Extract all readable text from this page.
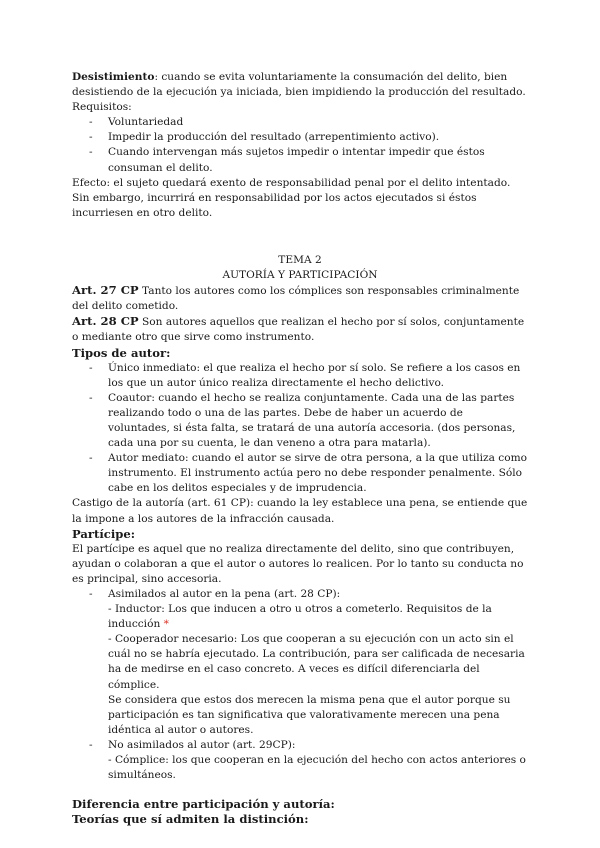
Desistimiento: cuando se evita voluntariamente la consumación del delito, bien desistiendo de la ejecución ya iniciada, bien impidiendo la producción del resultado.

Requisitos:

- Voluntariedad
- Impedir la producción del resultado (arrepentimiento activo).
- Cuando intervengan más sujetos impedir o intentar impedir que éstos consuman el delito.

Efecto: el sujeto quedará exento de responsabilidad penal por el delito intentado. Sin embargo, incurrirá en responsabilidad por los actos ejecutados si éstos incurriesen en otro delito.

TEMA 2

AUTORÍA Y PARTICIPACIÓN

Art. 27 CP Tanto los autores como los cómplices son responsables criminalmente del delito cometido.

Art. 28 CP Son autores aquellos que realizan el hecho por sí solos, conjuntamente o mediante otro que sirve como instrumento.

Tipos de autor:

- Único inmediato: el que realiza el hecho por sí solo. Se refiere a los casos en los que un autor único realiza directamente el hecho delictivo.
- Coautor: cuando el hecho se realiza conjuntamente. Cada una de las partes realizando todo o una de las partes. Debe de haber un acuerdo de voluntades, si ésta falta, se tratará de una autoría accesoria. (dos personas, cada una por su cuenta, le dan veneno a otra para matarla).
- Autor mediato: cuando el autor se sirve de otra persona, a la que utiliza como instrumento. El instrumento actúa pero no debe responder penalmente. Sólo cabe en los delitos especiales y de imprudencia.

Castigo de la autoría (art. 61 CP): cuando la ley establece una pena, se entiende que la impone a los autores de la infracción causada.

Partícipe:

El partícipe es aquel que no realiza directamente del delito, sino que contribuyen, ayudan o colaboran a que el autor o autores lo realicen. Por lo tanto su conducta no es principal, sino accesoria.

- Asimilados al autor en la pena (art. 28 CP):
- Inductor: Los que inducen a otro u otros a cometerlo. Requisitos de la inducción *
- Cooperador necesario: Los que cooperan a su ejecución con un acto sin el cuál no se habría ejecutado. La contribución, para ser calificada de necesaria ha de medirse en el caso concreto. A veces es difícil diferenciarla del cómplice.
Se considera que estos dos merecen la misma pena que el autor porque su participación es tan significativa que valorativamente merecen una pena idéntica al autor o autores.
- No asimilados al autor (art. 29CP):
- Cómplice: los que cooperan en la ejecución del hecho con actos anteriores o simultáneos.

Diferencia entre participación y autoría:

Teorías que sí admiten la distinción:
